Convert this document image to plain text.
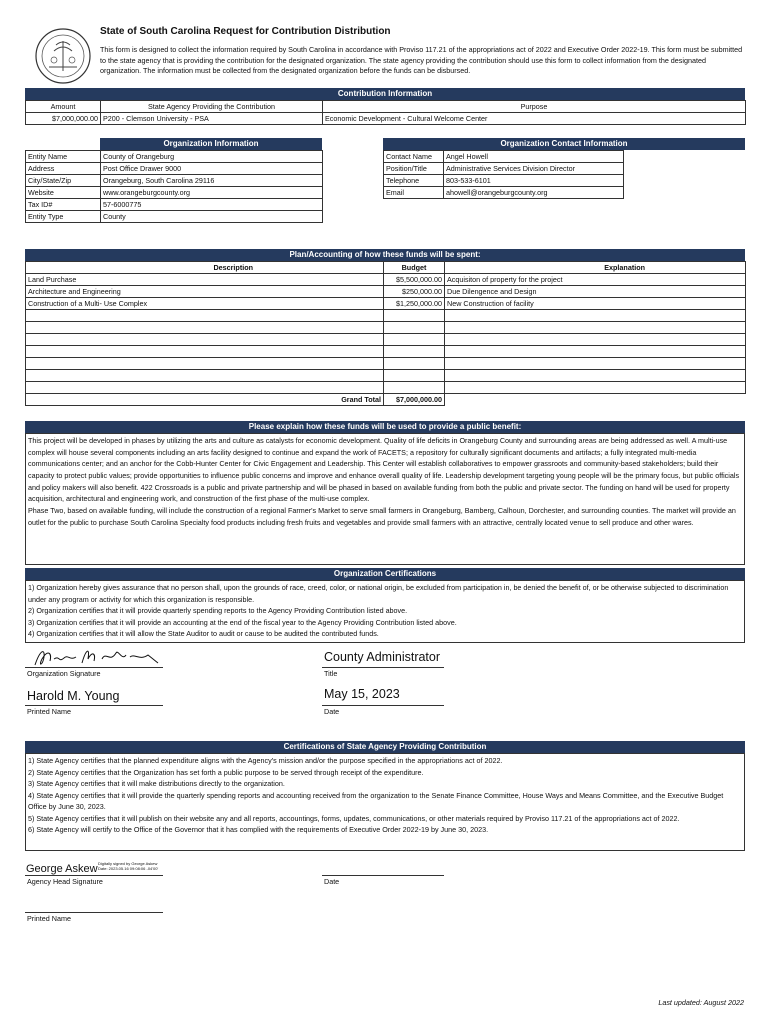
State of South Carolina Request for Contribution Distribution
This form is designed to collect the information required by South Carolina in accordance with Proviso 117.21 of the appropriations act of 2022 and Executive Order 2022-19. This form must be submitted to the state agency that is providing the contribution for the designated organization. The state agency providing the contribution should use this form to collect information from the designated organization. The information must be collected from the designated organization before the funds can be disbursed.
Contribution Information
Amount	State Agency Providing the Contribution	Purpose
$7,000,000.00	P200 - Clemson University - PSA	Economic Development - Cultural Welcome Center
Organization Information
Entity Name	County of Orangeburg
Address	Post Office Drawer 9000
City/State/Zip	Orangeburg, South Carolina 29116
Website	www.orangeburgcounty.org
Tax ID#	57-6000775
Entity Type	County
Organization Contact Information
Contact Name	Angel Howell
Position/Title	Administrative Services Division Director
Telephone	803-533-6101
Email	ahowell@orangeburgcounty.org
Plan/Accounting of how these funds will be spent:
Description	Budget	Explanation
Land Purchase	$5,500,000.00	Acquisiton of property for the project
Architecture and Engineering	$250,000.00	Due Dilengence and Design
Construction of a Multi- Use Complex	$1,250,000.00	New Construction of facility

Grand Total	$7,000,000.00	
Please explain how these funds will be used to provide a public benefit:
This project will be developed in phases by utilizing the arts and culture as catalysts for economic development. Quality of life deficits in Orangeburg County and surrounding areas are being addressed as well. A multi-use complex will house several components including an arts facility designed to continue and expand the work of FACETS; a repository for culturally significant documents and artifacts; a fully integrated multi-media communications center; and an anchor for the Cobb-Hunter Center for Civic Engagement and Leadership. This Center will establish collaboratives to empower grassroots and community-based stakeholders; build their capacity to protect public values; provide opportunities to influence public concerns and improve and enhance overall quality of life. Leadership development targeting young people will be the primary focus, but public officials and policy makers will also benefit. 422 Crossroads is a public and private partnership and will be phased in based on available funding from both the public and private sector. The funding on hand will be used for property acquisition, architectural and engineering work, and construction of the first phase of the multi-use complex.
Phase Two, based on available funding, will include the construction of a regional Farmer's Market to serve small farmers in Orangeburg, Bamberg, Calhoun, Dorchester, and surrounding counties. The market will provide an outlet for the public to purchase South Carolina Specialty food products including fresh fruits and vegetables and provide small farmers with an attractive, centrally located venue to sell produce and other wares.
Organization Certifications
1) Organization hereby gives assurance that no person shall, upon the grounds of race, creed, color, or national origin, be excluded from participation in, be denied the benefit of, or be otherwise subjected to discrimination under any program or activity for which this organization is responsible.
2) Organization certifies that it will provide quarterly spending reports to the Agency Providing Contribution listed above.
3) Organization certifies that it will provide an accounting at the end of the fiscal year to the Agency Providing Contribution listed above.
4) Organization certifies that it will allow the State Auditor to audit or cause to be audited the contributed funds.
Organization Signature
County Administrator
Title
Harold M. Young
Printed Name
May 15, 2023
Date
Certifications of State Agency Providing Contribution
1) State Agency certifies that the planned expenditure aligns with the Agency's mission and/or the purpose specified in the appropriations act of 2022.
2) State Agency certifies that the Organization has set forth a public purpose to be served through receipt of the expenditure.
3) State Agency certifies that it will make distributions directly to the organization.
4) State Agency certifies that it will provide the quarterly spending reports and accounting received from the organization to the Senate Finance Committee, House Ways and Means Committee, and the Executive Budget Office by June 30, 2023.
5) State Agency certifies that it will publish on their website any and all reports, accountings, forms, updates, communications, or other materials required by Proviso 117.21 of the appropriations act of 2022.
6) State Agency will certify to the Office of the Governor that it has complied with the requirements of Executive Order 2022-19 by June 30, 2023.
George Askew Digitally signed by George Askew Date: 2023.05.16 09:08:06 -04'00'
Agency Head Signature	Date
Printed Name
Last updated: August 2022
